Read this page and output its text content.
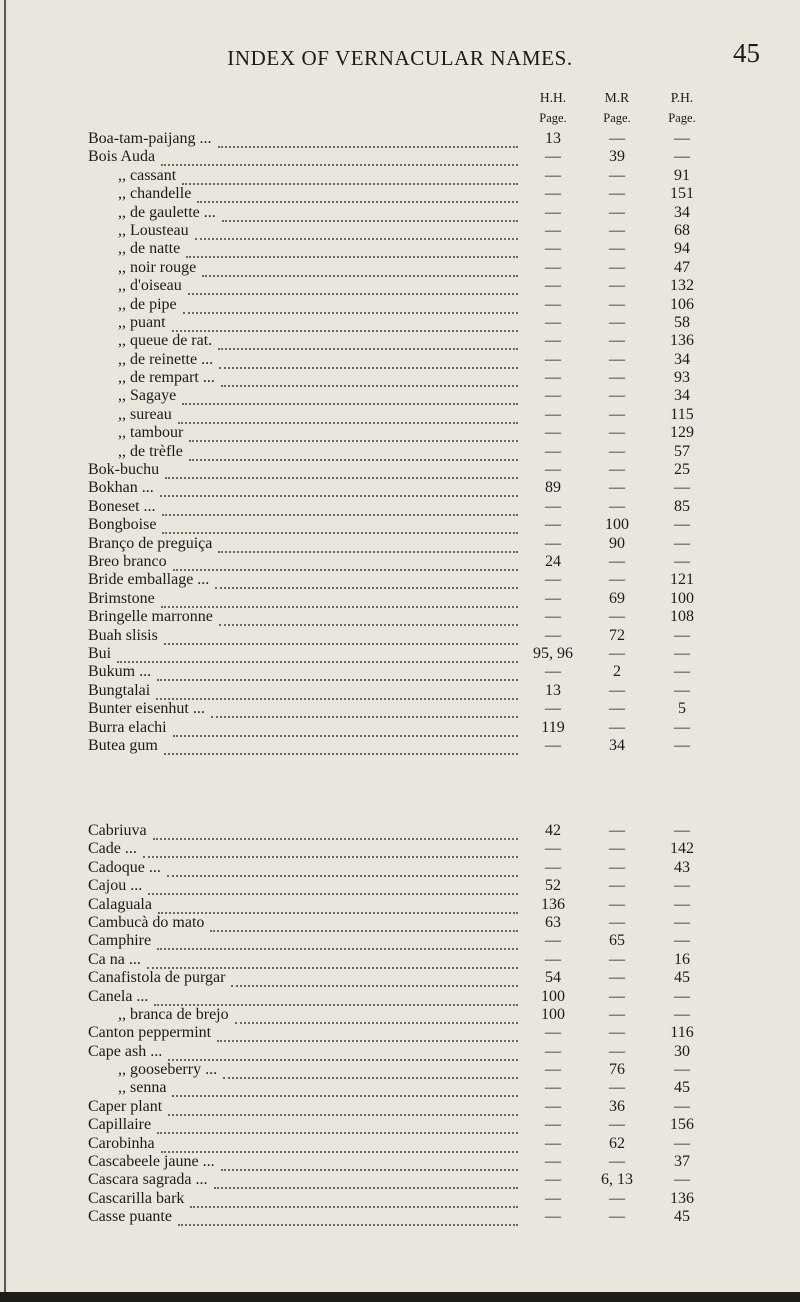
INDEX OF VERNACULAR NAMES.	45
H.H.
Page.
M.R
Page.
P.H.
Page.
Boa-tam-paijang ...	13	—	—
Bois Auda	—	39	—
,, cassant	—	—	91
,, chandelle	—	—	151
,, de gaulette ...	—	—	34
,, Lousteau	—	—	68
,, de natte	—	—	94
,, noir rouge	—	—	47
,, d'oiseau	—	—	132
,, de pipe	—	—	106
,, puant	—	—	58
,, queue de rat.	—	—	136
,, de reinette ...	—	—	34
,, de rempart ...	—	—	93
,, Sagaye	—	—	34
,, sureau	—	—	115
,, tambour	—	—	129
,, de trèfle	—	—	57
Bok-buchu	—	—	25
Bokhan ...	89	—	—
Boneset ...	—	—	85
Bongboise	—	100	—
Branço de preguiça	—	90	—
Breo branco	24	—	—
Bride emballage ...	—	—	121
Brimstone	—	69	100
Bringelle marronne	—	—	108
Buah slisis	—	72	—
Bui	95, 96	—	—
Bukum ...	—	2	—
Bungtalai	13	—	—
Bunter eisenhut ...	—	—	5
Burra elachi	119	—	—
Butea gum	—	34	—
Cabriuva	42	—	—
Cade ...	—	—	142
Cadoque ...	—	—	43
Cajou ...	52	—	—
Calaguala	136	—	—
Cambucà do mato	63	—	—
Camphire	—	65	—
Ca na ...	—	—	16
Canafistola de purgar	54	—	45
Canela ...	100	—	—
,, branca de brejo	100	—	—
Canton peppermint	—	—	116
Cape ash ...	—	—	30
,, gooseberry ...	—	76	—
,, senna	—	—	45
Caper plant	—	36	—
Capillaire	—	—	156
Carobinha	—	62	—
Cascabeele jaune ...	—	—	37
Cascara sagrada ...	—	6, 13	—
Cascarilla bark	—	—	136
Casse puante	—	—	45
